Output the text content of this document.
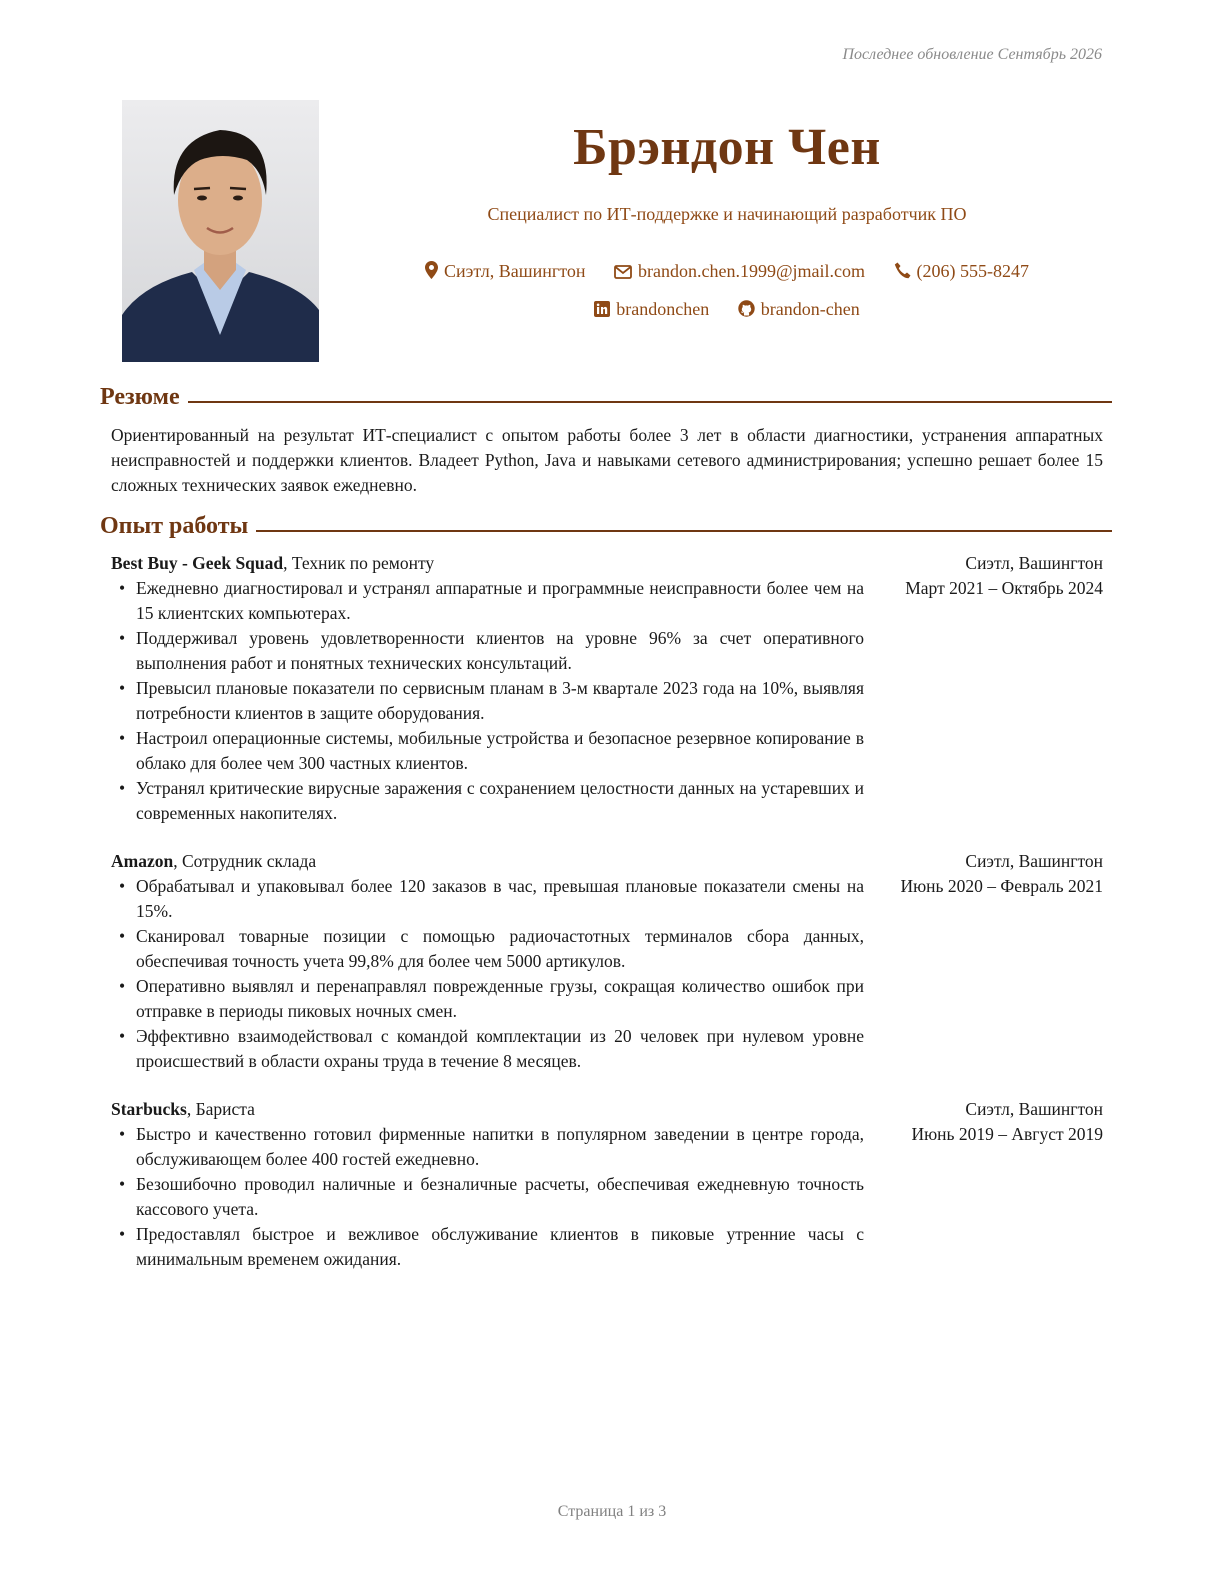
Последнее обновление Сентябрь 2026
Брэндон Чен
Специалист по ИТ-поддержке и начинающий разработчик ПО
Сиэтл, Вашингтон	brandon.chen.1999@jmail.com	(206) 555-8247
brandonchen	brandon-chen
Резюме
Ориентированный на результат ИТ-специалист с опытом работы более 3 лет в области диагностики, устранения аппаратных неисправностей и поддержки клиентов. Владеет Python, Java и навыками сетевого администрирования; успешно решает более 15 сложных технических заявок ежедневно.
Опыт работы
Best Buy - Geek Squad, Техник по ремонту	Сиэтл, Вашингтон
• Ежедневно диагностировал и устранял аппаратные и программные неисправности более чем на 15 клиентских компьютерах.
• Поддерживал уровень удовлетворенности клиентов на уровне 96% за счет оперативного выполнения работ и понятных технических консультаций.
• Превысил плановые показатели по сервисным планам в 3-м квартале 2023 года на 10%, выявляя потребности клиентов в защите оборудования.
• Настроил операционные системы, мобильные устройства и безопасное резервное копирование в облако для более чем 300 частных клиентов.
• Устранял критические вирусные заражения с сохранением целостности данных на устаревших и современных накопителях.
Март 2021 – Октябрь 2024
Amazon, Сотрудник склада	Сиэтл, Вашингтон
• Обрабатывал и упаковывал более 120 заказов в час, превышая плановые показатели смены на 15%.
• Сканировал товарные позиции с помощью радиочастотных терминалов сбора данных, обеспечивая точность учета 99,8% для более чем 5000 артикулов.
• Оперативно выявлял и перенаправлял поврежденные грузы, сокращая количество ошибок при отправке в периоды пиковых ночных смен.
• Эффективно взаимодействовал с командой комплектации из 20 человек при нулевом уровне происшествий в области охраны труда в течение 8 месяцев.
Июнь 2020 – Февраль 2021
Starbucks, Бариста	Сиэтл, Вашингтон
• Быстро и качественно готовил фирменные напитки в популярном заведении в центре города, обслуживающем более 400 гостей ежедневно.
• Безошибочно проводил наличные и безналичные расчеты, обеспечивая ежедневную точность кассового учета.
• Предоставлял быстрое и вежливое обслуживание клиентов в пиковые утренние часы с минимальным временем ожидания.
Июнь 2019 – Август 2019
Страница 1 из 3
